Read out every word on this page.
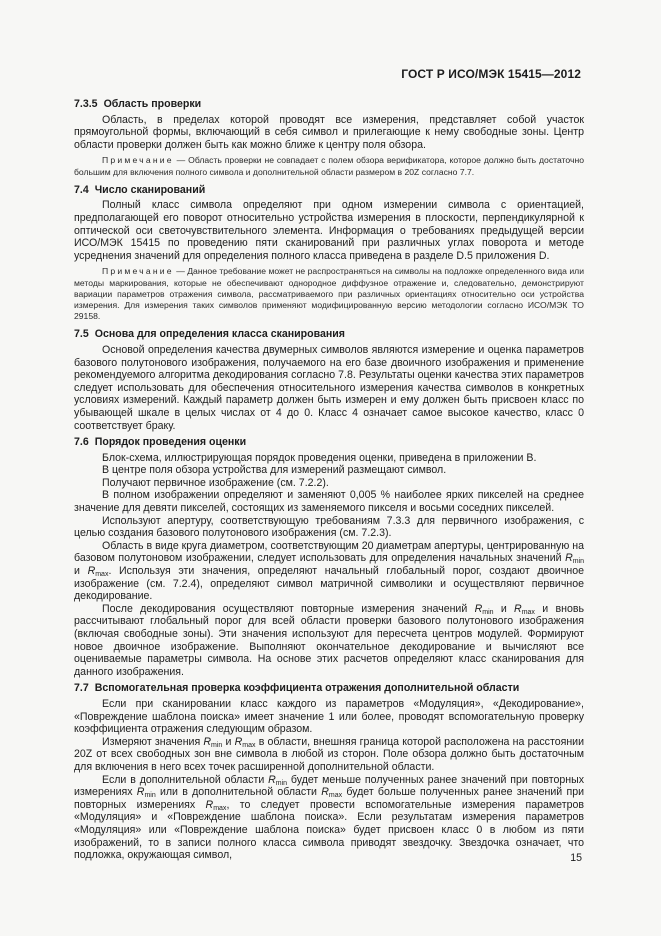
ГОСТ Р ИСО/МЭК 15415—2012
7.3.5 Область проверки

Область, в пределах которой проводят все измерения, представляет собой участок прямоугольной формы, включающий в себя символ и прилегающие к нему свободные зоны. Центр области проверки должен быть как можно ближе к центру поля обзора.

Примечание — Область проверки не совпадает с полем обзора верификатора, которое должно быть достаточно большим для включения полного символа и дополнительной области размером в 20Z согласно 7.7.

7.4 Число сканирований

Полный класс символа определяют при одном измерении символа с ориентацией, предполагающей его поворот относительно устройства измерения в плоскости, перпендикулярной к оптической оси светочувствительного элемента. Информация о требованиях предыдущей версии ИСО/МЭК 15415 по проведению пяти сканирований при различных углах поворота и методе усреднения значений для определения полного класса приведена в разделе D.5 приложения D.

Примечание — Данное требование может не распространяться на символы на подложке определенного вида или методы маркирования, которые не обеспечивают однородное диффузное отражение и, следовательно, демонстрируют вариации параметров отражения символа, рассматриваемого при различных ориентациях относительно оси устройства измерения. Для измерения таких символов применяют модифицированную версию методологии согласно ИСО/МЭК TO 29158.

7.5 Основа для определения класса сканирования

Основой определения качества двумерных символов являются измерение и оценка параметров базового полутонового изображения, получаемого на его базе двоичного изображения и применение рекомендуемого алгоритма декодирования согласно 7.8. Результаты оценки качества этих параметров следует использовать для обеспечения относительного измерения качества символов в конкретных условиях измерений. Каждый параметр должен быть измерен и ему должен быть присвоен класс по убывающей шкале в целых числах от 4 до 0. Класс 4 означает самое высокое качество, класс 0 соответствует браку.

7.6 Порядок проведения оценки

Блок-схема, иллюстрирующая порядок проведения оценки, приведена в приложении B.

В центре поля обзора устройства для измерений размещают символ.

Получают первичное изображение (см. 7.2.2).

В полном изображении определяют и заменяют 0,005 % наиболее ярких пикселей на среднее значение для девяти пикселей, состоящих из заменяемого пикселя и восьми соседних пикселей.

Используют апертуру, соответствующую требованиям 7.3.3 для первичного изображения, с целью создания базового полутонового изображения (см. 7.2.3).

Область в виде круга диаметром, соответствующим 20 диаметрам апертуры, центрированную на базовом полутоновом изображении, следует использовать для определения начальных значений $R_{min}$ и $R_{max}$. Используя эти значения, определяют начальный глобальный порог, создают двоичное изображение (см. 7.2.4), определяют символ матричной символики и осуществляют первичное декодирование.

После декодирования осуществляют повторные измерения значений $R_{min}$ и $R_{max}$ и вновь рассчитывают глобальный порог для всей области проверки базового полутонового изображения (включая свободные зоны). Эти значения используют для пересчета центров модулей. Формируют новое двоичное изображение. Выполняют окончательное декодирование и вычисляют все оцениваемые параметры символа. На основе этих расчетов определяют класс сканирования для данного изображения.

7.7 Вспомогательная проверка коэффициента отражения дополнительной области

Если при сканировании класс каждого из параметров «Модуляция», «Декодирование», «Повреждение шаблона поиска» имеет значение 1 или более, проводят вспомогательную проверку коэффициента отражения следующим образом.

Измеряют значения $R_{min}$ и $R_{max}$ в области, внешняя граница которой расположена на расстоянии 20Z от всех свободных зон вне символа в любой из сторон. Поле обзора должно быть достаточным для включения в него всех точек расширенной дополнительной области.

Если в дополнительной области $R_{min}$ будет меньше полученных ранее значений при повторных измерениях $R_{min}$ или в дополнительной области $R_{max}$ будет больше полученных ранее значений при повторных измерениях $R_{max}$, то следует провести вспомогательные измерения параметров «Модуляция» и «Повреждение шаблона поиска». Если результатам измерения параметров «Модуляция» или «Повреждение шаблона поиска» будет присвоен класс 0 в любом из пяти изображений, то в записи полного класса символа приводят звездочку. Звездочка означает, что подложка, окружающая символ,	15
